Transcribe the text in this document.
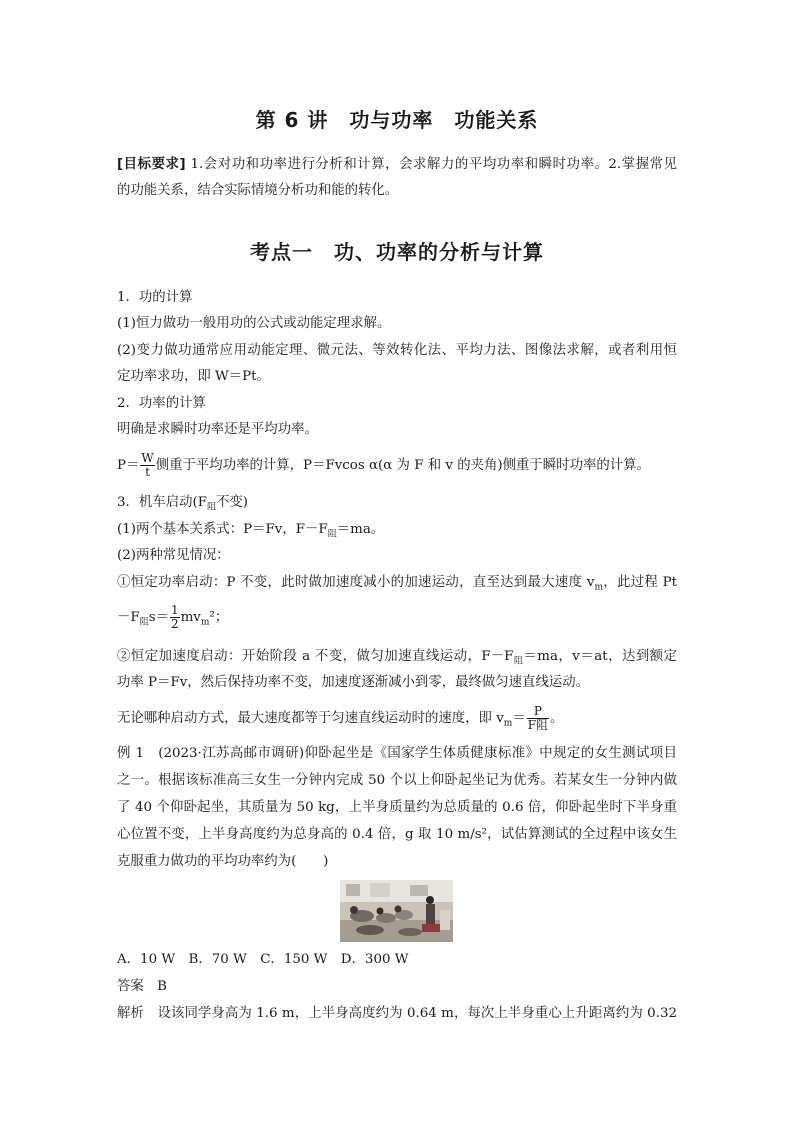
第 6 讲　功与功率　功能关系
[目标要求] 1.会对功和功率进行分析和计算，会求解力的平均功率和瞬时功率。2.掌握常见
的功能关系，结合实际情境分析功和能的转化。
考点一　功、功率的分析与计算
1．功的计算
(1)恒力做功一般用功的公式或动能定理求解。
(2)变力做功通常应用动能定理、微元法、等效转化法、平均力法、图像法求解，或者利用恒
定功率求功，即 W＝Pt。
2．功率的计算
明确是求瞬时功率还是平均功率。
$P= \frac{W}{t}$ 侧重于平均功率的计算，P＝Fvcos α(α 为 F 和 v 的夹角)侧重于瞬时功率的计算。
3．机车启动($F_阻$不变)
(1)两个基本关系式：P＝Fv，$F-F_阻=ma$。
(2)两种常见情况：
①恒定功率启动：P 不变，此时做加速度减小的加速运动，直至达到最大速度 $v_m$，此过程 Pt
$-F_阻s= \frac{1}{2} mv_m^2$；
②恒定加速度启动：开始阶段 a 不变，做匀加速直线运动，$F-F_阻=ma$，v＝at，达到额定
功率 P＝Fv，然后保持功率不变，加速度逐渐减小到零，最终做匀速直线运动。
无论哪种启动方式，最大速度都等于匀速直线运动时的速度，即 $v_m= \frac{P}{\text{F阻}}$ 。
例 1　(2023·江苏高邮市调研)仰卧起坐是《国家学生体质健康标准》中规定的女生测试项目
之一。根据该标准高三女生一分钟内完成 50 个以上仰卧起坐记为优秀。若某女生一分钟内做
了 40 个仰卧起坐，其质量为 50 kg，上半身质量约为总质量的 0.6 倍，仰卧起坐时下半身重
心位置不变，上半身高度约为总身高的 0.4 倍，g 取 10 m/s²，试估算测试的全过程中该女生
克服重力做功的平均功率约为(　　)
A．10 W　B．70 W　C．150 W　D．300 W
答案　B
解析　设该同学身高为 1.6 m，上半身高度约为 0.64 m，每次上半身重心上升距离约为 0.32
